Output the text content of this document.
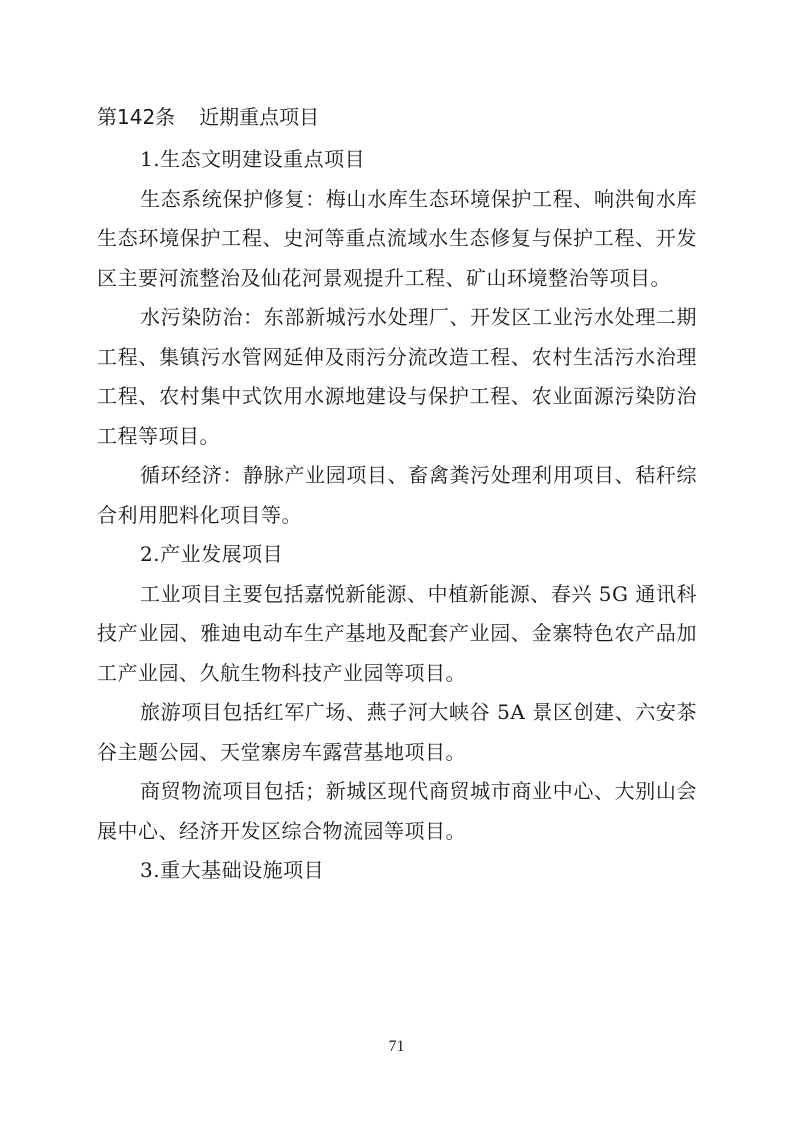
第142条 近期重点项目

1.生态文明建设重点项目

生态系统保护修复：梅山水库生态环境保护工程、响洪甸水库生态环境保护工程、史河等重点流域水生态修复与保护工程、开发区主要河流整治及仙花河景观提升工程、矿山环境整治等项目。

水污染防治：东部新城污水处理厂、开发区工业污水处理二期工程、集镇污水管网延伸及雨污分流改造工程、农村生活污水治理工程、农村集中式饮用水源地建设与保护工程、农业面源污染防治工程等项目。

循环经济：静脉产业园项目、畜禽粪污处理利用项目、秸秆综合利用肥料化项目等。

2.产业发展项目

工业项目主要包括嘉悦新能源、中植新能源、春兴 5G 通讯科技产业园、雅迪电动车生产基地及配套产业园、金寨特色农产品加工产业园、久航生物科技产业园等项目。

旅游项目包括红军广场、燕子河大峡谷 5A 景区创建、六安茶谷主题公园、天堂寨房车露营基地项目。

商贸物流项目包括；新城区现代商贸城市商业中心、大别山会展中心、经济开发区综合物流园等项目。

3.重大基础设施项目

71
